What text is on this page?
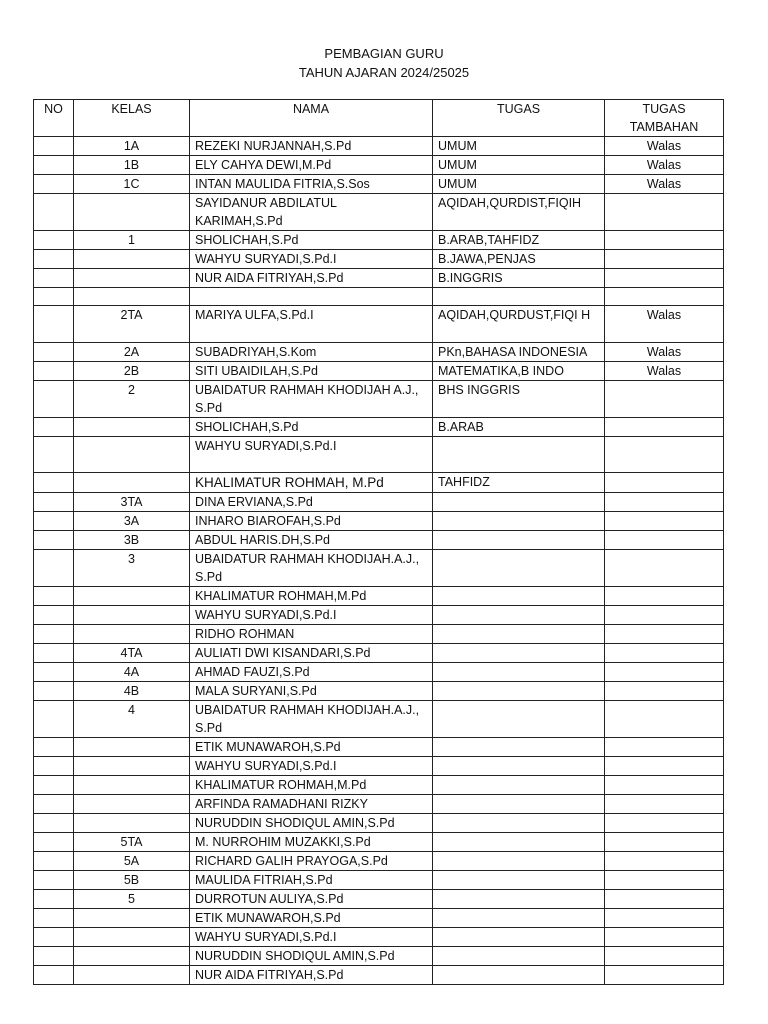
PEMBAGIAN GURU
TAHUN AJARAN 2024/25025
NO	KELAS	NAMA	TUGAS	TUGAS
TAMBAHAN

	1A	REZEKI NURJANNAH,S.Pd	UMUM	Walas
	1B	ELY CAHYA DEWI,M.Pd	UMUM	Walas
	1C	INTAN MAULIDA FITRIA,S.Sos	UMUM	Walas
		SAYIDANUR ABDILATUL KARIMAH,S.Pd	AQIDAH,QURDIST,FIQIH	
	1	SHOLICHAH,S.Pd	B.ARAB,TAHFIDZ	
		WAHYU SURYADI,S.Pd.I	B.JAWA,PENJAS	
		NUR AIDA FITRIYAH,S.Pd	B.INGGRIS	

	2TA	MARIYA ULFA,S.Pd.I	AQIDAH,QURDUST,FIQI H	Walas
	2A	SUBADRIYAH,S.Kom	PKn,BAHASA INDONESIA	Walas
	2B	SITI UBAIDILAH,S.Pd	MATEMATIKA,B INDO	Walas
	2	UBAIDATUR RAHMAH KHODIJAH A.J., S.Pd	BHS INGGRIS	
		SHOLICHAH,S.Pd	B.ARAB	
		WAHYU SURYADI,S.Pd.I		
		KHALIMATUR ROHMAH, M.Pd	TAHFIDZ	
	3TA	DINA ERVIANA,S.Pd		
	3A	INHARO BIAROFAH,S.Pd		
	3B	ABDUL HARIS.DH,S.Pd		
	3	UBAIDATUR RAHMAH KHODIJAH.A.J., S.Pd		
		KHALIMATUR ROHMAH,M.Pd		
		WAHYU SURYADI,S.Pd.I		
		RIDHO ROHMAN		
	4TA	AULIATI DWI KISANDARI,S.Pd		
	4A	AHMAD FAUZI,S.Pd		
	4B	MALA SURYANI,S.Pd		
	4	UBAIDATUR RAHMAH KHODIJAH.A.J., S.Pd		
		ETIK MUNAWAROH,S.Pd		
		WAHYU SURYADI,S.Pd.I		
		KHALIMATUR ROHMAH,M.Pd		
		ARFINDA RAMADHANI RIZKY		
		NURUDDIN SHODIQUL AMIN,S.Pd		
	5TA	M. NURROHIM MUZAKKI,S.Pd		
	5A	RICHARD GALIH PRAYOGA,S.Pd		
	5B	MAULIDA FITRIAH,S.Pd		
	5	DURROTUN AULIYA,S.Pd		
		ETIK MUNAWAROH,S.Pd		
		WAHYU SURYADI,S.Pd.I		
		NURUDDIN SHODIQUL AMIN,S.Pd		
		NUR AIDA FITRIYAH,S.Pd		
